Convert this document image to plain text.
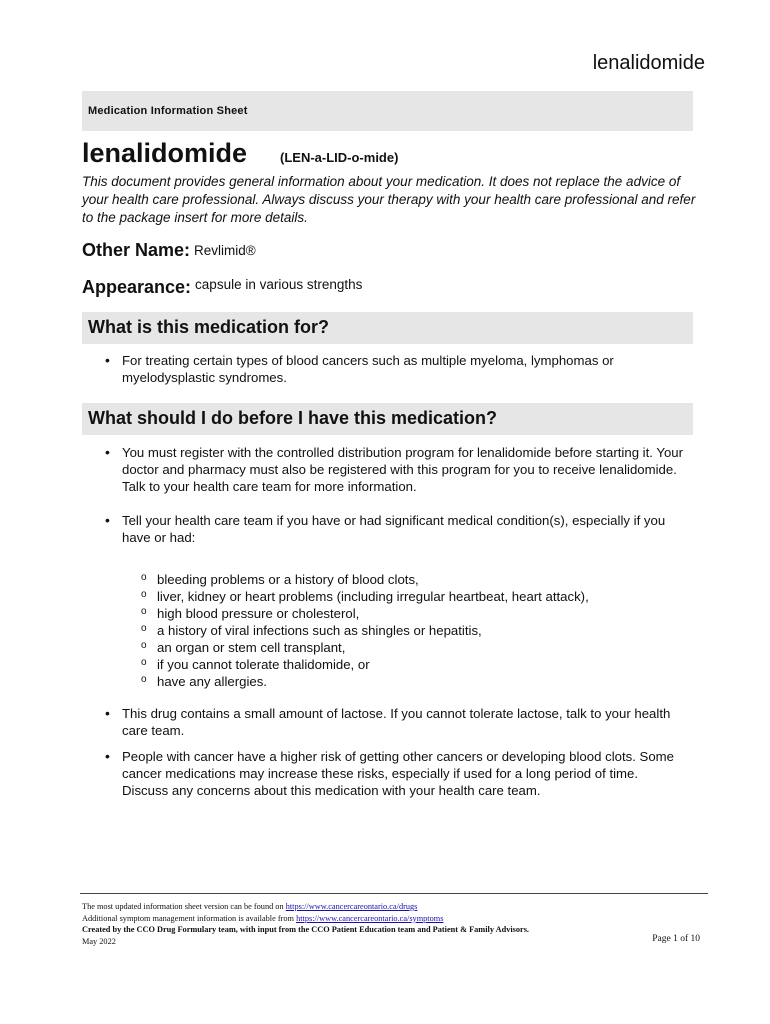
lenalidomide
Medication Information Sheet
lenalidomide	(LEN-a-LID-o-mide)
This document provides general information about your medication. It does not replace the advice of your health care professional. Always discuss your therapy with your health care professional and refer to the package insert for more details.
Other Name: Revlimid®
Appearance: $^{capsule in various strengths}$
What is this medication for?
• For treating certain types of blood cancers such as multiple myeloma, lymphomas or myelodysplastic syndromes.
What should I do before I have this medication?
• You must register with the controlled distribution program for lenalidomide before starting it. Your doctor and pharmacy must also be registered with this program for you to receive lenalidomide. Talk to your health care team for more information.
• Tell your health care team if you have or had significant medical condition(s), especially if you have or had:
o bleeding problems or a history of blood clots,
o liver, kidney or heart problems (including irregular heartbeat, heart attack),
o high blood pressure or cholesterol,
o a history of viral infections such as shingles or hepatitis,
o an organ or stem cell transplant,
o if you cannot tolerate thalidomide, or
o have any allergies.
• This drug contains a small amount of lactose. If you cannot tolerate lactose, talk to your health care team.
• People with cancer have a higher risk of getting other cancers or developing blood clots. Some cancer medications may increase these risks, especially if used for a long period of time. Discuss any concerns about this medication with your health care team.
The most updated information sheet version can be found on https://www.cancercareontario.ca/drugs
Additional symptom management information is available from https://www.cancercareontario.ca/symptoms
Created by the CCO Drug Formulary team, with input from the CCO Patient Education team and Patient & Family Advisors.
May 2022	Page 1 of 10
